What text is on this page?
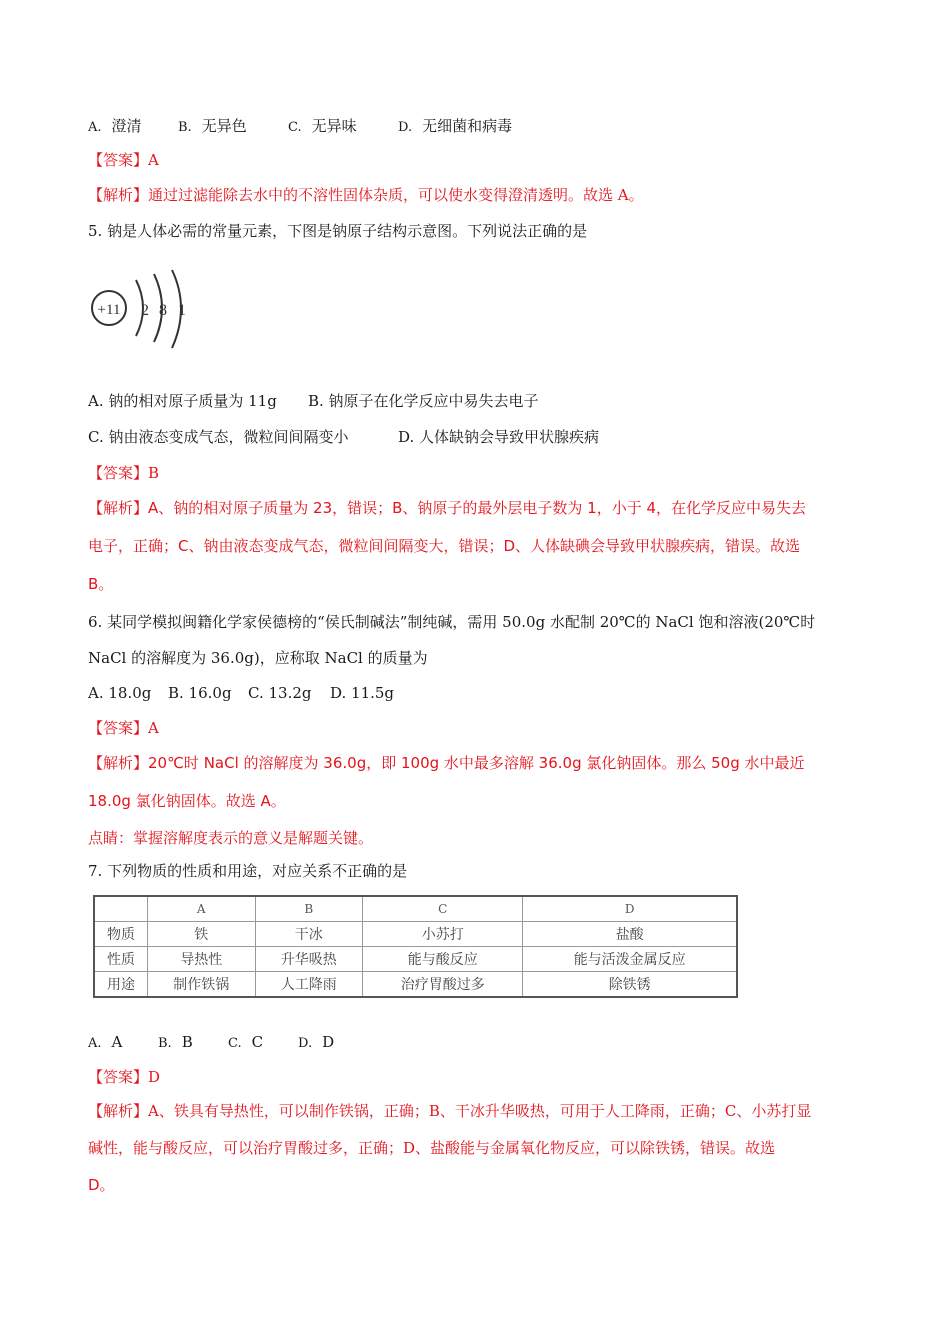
A. 澄清	B. 无异色	C. 无异味	D. 无细菌和病毒
【答案】A
【解析】通过过滤能除去水中的不溶性固体杂质，可以使水变得澄清透明。故选 A。
5. 钠是人体必需的常量元素，下图是钠原子结构示意图。下列说法正确的是
+11 2 8 1
A. 钠的相对原子质量为 11g B. 钠原子在化学反应中易失去电子
C. 钠由液态变成气态，微粒间间隔变小	D. 人体缺钠会导致甲状腺疾病
【答案】B
【解析】A、钠的相对原子质量为 23，错误；B、钠原子的最外层电子数为 1，小于 4，在化学反应中易失去
电子，正确；C、钠由液态变成气态，微粒间间隔变大，错误；D、人体缺碘会导致甲状腺疾病，错误。故选
B。
6. 某同学模拟闽籍化学家侯德榜的“侯氏制碱法”制纯碱，需用 50.0g 水配制 20℃的 NaCl 饱和溶液(20℃时
NaCl 的溶解度为 36.0g)，应称取 NaCl 的质量为
A. 18.0g B. 16.0g C. 13.2g D. 11.5g
【答案】A
【解析】20℃时 NaCl 的溶解度为 36.0g，即 100g 水中最多溶解 36.0g 氯化钠固体。那么 50g 水中最近
18.0g 氯化钠固体。故选 A。
点睛：掌握溶解度表示的意义是解题关键。
7. 下列物质的性质和用途，对应关系不正确的是
	A	B	C	D
物质	铁	干冰	小苏打	盐酸
性质	导热性	升华吸热	能与酸反应	能与活泼金属反应
用途	制作铁锅	人工降雨	治疗胃酸过多	除铁锈
A. A	B. B	C. C	D. D
【答案】D
【解析】A、铁具有导热性，可以制作铁锅，正确；B、干冰升华吸热，可用于人工降雨，正确；C、小苏打显
碱性，能与酸反应，可以治疗胃酸过多，正确；D、盐酸能与金属氧化物反应，可以除铁锈，错误。故选
D。
